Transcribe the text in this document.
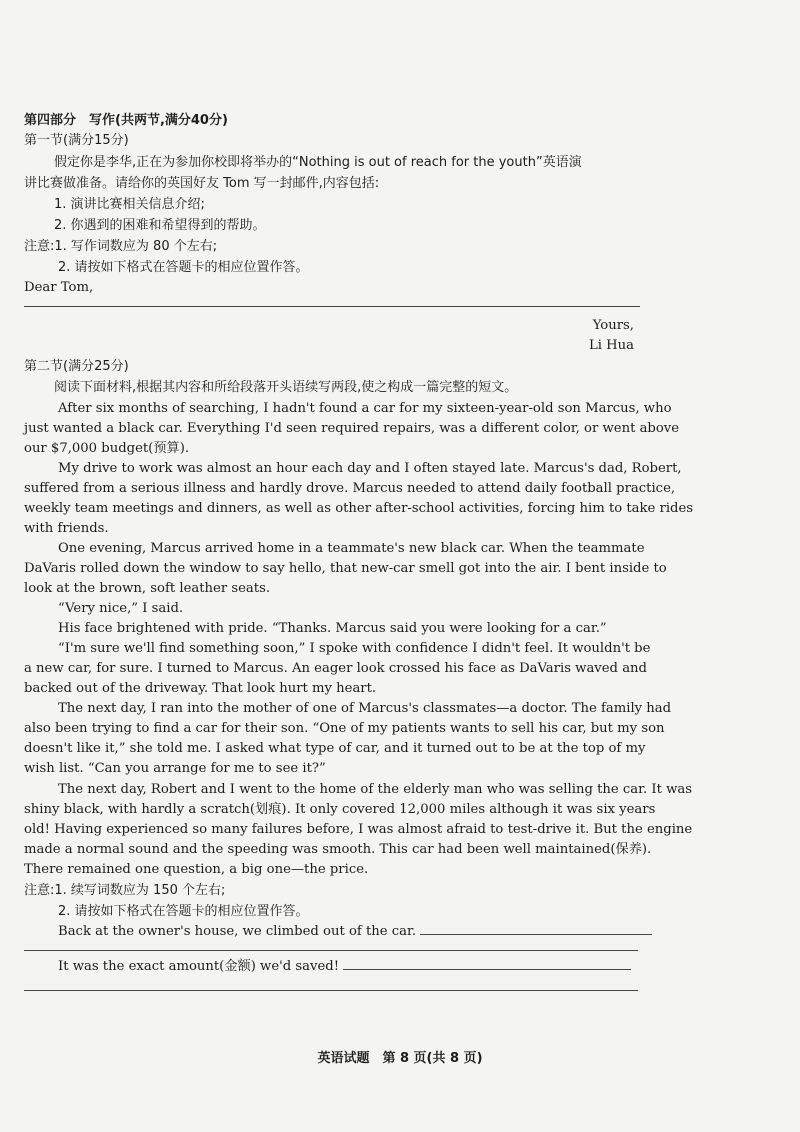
第四部分　写作(共两节,满分40分)
第一节(满分15分)
假定你是李华,正在为参加你校即将举办的“Nothing is out of reach for the youth”英语演
讲比赛做准备。请给你的英国好友 Tom 写一封邮件,内容包括:
1. 演讲比赛相关信息介绍;
2. 你遇到的困难和希望得到的帮助。
注意:1. 写作词数应为 80 个左右;
2. 请按如下格式在答题卡的相应位置作答。
Dear Tom,
Yours,
Li Hua
第二节(满分25分)
阅读下面材料,根据其内容和所给段落开头语续写两段,使之构成一篇完整的短文。
After six months of searching, I hadn't found a car for my sixteen-year-old son Marcus, who
just wanted a black car. Everything I'd seen required repairs, was a different color, or went above
our $7,000 budget(预算).
My drive to work was almost an hour each day and I often stayed late. Marcus's dad, Robert,
suffered from a serious illness and hardly drove. Marcus needed to attend daily football practice,
weekly team meetings and dinners, as well as other after-school activities, forcing him to take rides
with friends.
One evening, Marcus arrived home in a teammate's new black car. When the teammate
DaVaris rolled down the window to say hello, that new-car smell got into the air. I bent inside to
look at the brown, soft leather seats.
“Very nice,” I said.
His face brightened with pride. “Thanks. Marcus said you were looking for a car.”
“I'm sure we'll find something soon,” I spoke with confidence I didn't feel. It wouldn't be
a new car, for sure. I turned to Marcus. An eager look crossed his face as DaVaris waved and
backed out of the driveway. That look hurt my heart.
The next day, I ran into the mother of one of Marcus's classmates—a doctor. The family had
also been trying to find a car for their son. “One of my patients wants to sell his car, but my son
doesn't like it,” she told me. I asked what type of car, and it turned out to be at the top of my
wish list. “Can you arrange for me to see it?”
The next day, Robert and I went to the home of the elderly man who was selling the car. It was
shiny black, with hardly a scratch(划痕). It only covered 12,000 miles although it was six years
old! Having experienced so many failures before, I was almost afraid to test-drive it. But the engine
made a normal sound and the speeding was smooth. This car had been well maintained(保养).
There remained one question, a big one—the price.
注意:1. 续写词数应为 150 个左右;
2. 请按如下格式在答题卡的相应位置作答。
Back at the owner's house, we climbed out of the car.
It was the exact amount(金额) we'd saved!
英语试题　第 8 页(共 8 页)
